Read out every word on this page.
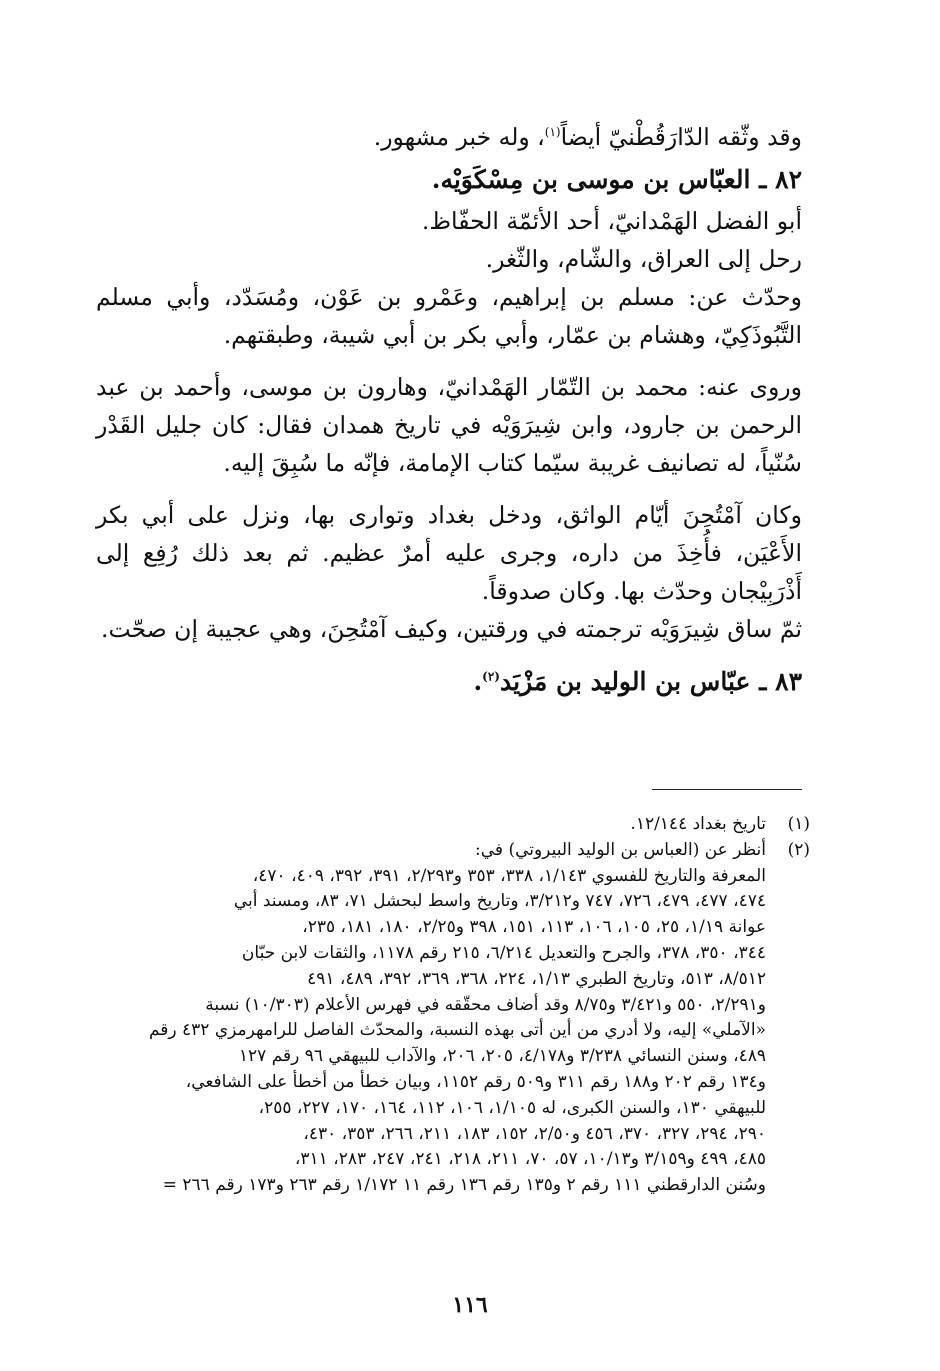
وقد وثّقه الدّارَقُطْنيّ أيضاً$^{(١)}$، وله خبر مشهور.

٨٢ ـ العبّاس بن موسى بن مِسْكَوَيْه.

أبو الفضل الهَمْدانيّ، أحد الأئمّة الحفّاظ.

رحل إلى العراق، والشّام، والثّغر.

وحدّث عن: مسلم بن إبراهيم، وعَمْرو بن عَوْن، ومُسَدّد، وأبي مسلم التَّبُوذَكِيّ، وهشام بن عمّار، وأبي بكر بن أبي شيبة، وطبقتهم.

وروى عنه: محمد بن التّمّار الهَمْدانيّ، وهارون بن موسى، وأحمد بن عبد الرحمن بن جارود، وابن شِيرَوَيْه في تاريخ همدان فقال: كان جليل القَدْر سُنّياً، له تصانيف غريبة سيّما كتاب الإمامة، فإنّه ما سُبِقَ إليه.

وكان آمْتُحِنَ أيّام الواثق، ودخل بغداد وتوارى بها، ونزل على أبي بكر الأَعْيَن، فأُخِذَ من داره، وجرى عليه أمرٌ عظيم. ثم بعد ذلك رُفِع إلى أَذْرَبِيْجان وحدّث بها. وكان صدوقاً.

ثمّ ساق شِيرَوَيْه ترجمته في ورقتين، وكيف آمْتُحِنَ، وهي عجيبة إن صحّت.

٨٣ ـ عبّاس بن الوليد بن مَزْيَد$^{(٢)}$.

(١)
تاريخ بغداد ١٢/١٤٤.
(٢)
أنظر عن (العباس بن الوليد البيروتي) في:
المعرفة والتاريخ للفسوي ١/١٤٣، ٣٣٨، ٣٥٣ و٢/٢٩٣، ٣٩١، ٣٩٢، ٤٠٩، ٤٧٠،
٤٧٤، ٤٧٧، ٤٧٩، ٧٢٦، ٧٤٧ و٣/٢١٢، وتاريخ واسط لبحشل ٧١، ٨٣، ومسند أبي
عوانة ١/١٩، ٢٥، ١٠٥، ١٠٦، ١١٣، ١٥١، ٣٩٨ و٢/٢٥، ١٨٠، ١٨١، ٢٣٥،
٣٤٤، ٣٥٠، ٣٧٨، والجرح والتعديل ٦/٢١٤، ٢١٥ رقم ١١٧٨، والثقات لابن حبّان
٨/٥١٢، ٥١٣، وتاريخ الطبري ١/١٣، ٢٢٤، ٣٦٨، ٣٦٩، ٣٩٢، ٤٨٩، ٤٩١
و٢/٢٩١، ٥٥٠ و٣/٤٢١ و٨/٧٥ وقد أضاف محقّقه في فهرس الأعلام (١٠/٣٠٣) نسبة
«الآملي» إليه، ولا أدري من أين أتى بهذه النسبة، والمحدّث الفاصل للرامهرمزي ٤٣٢ رقم
٤٨٩، وسنن النسائي ٣/٢٣٨ و٤/١٧٨، ٢٠٥، ٢٠٦، والآداب للبيهقي ٩٦ رقم ١٢٧
و١٣٤ رقم ٢٠٢ و١٨٨ رقم ٣١١ و٥٠٩ رقم ١١٥٢، وبيان خطأ من أخطأ على الشافعي،
للبيهقي ١٣٠، والسنن الكبرى، له ١/١٠٥، ١٠٦، ١١٢، ١٦٤، ١٧٠، ٢٢٧، ٢٥٥،
٢٩٠، ٢٩٤، ٣٢٧، ٣٧٠، ٤٥٦ و٢/٥٠، ١٥٢، ١٨٣، ٢١١، ٢٦٦، ٣٥٣، ٤٣٠،
٤٨٥، ٤٩٩ و٣/١٥٩ و١٠/١٣، ٥٧، ٧٠، ٢١١، ٢١٨، ٢٤١، ٢٤٧، ٢٨٣، ٣١١،
وسُنن الدارقطني ١١١ رقم ٢ و١٣٥ رقم ١٣٦ رقم ١١ ١/١٧٢ رقم ٢٦٣ و١٧٣ رقم ٢٦٦ =
١١٦
